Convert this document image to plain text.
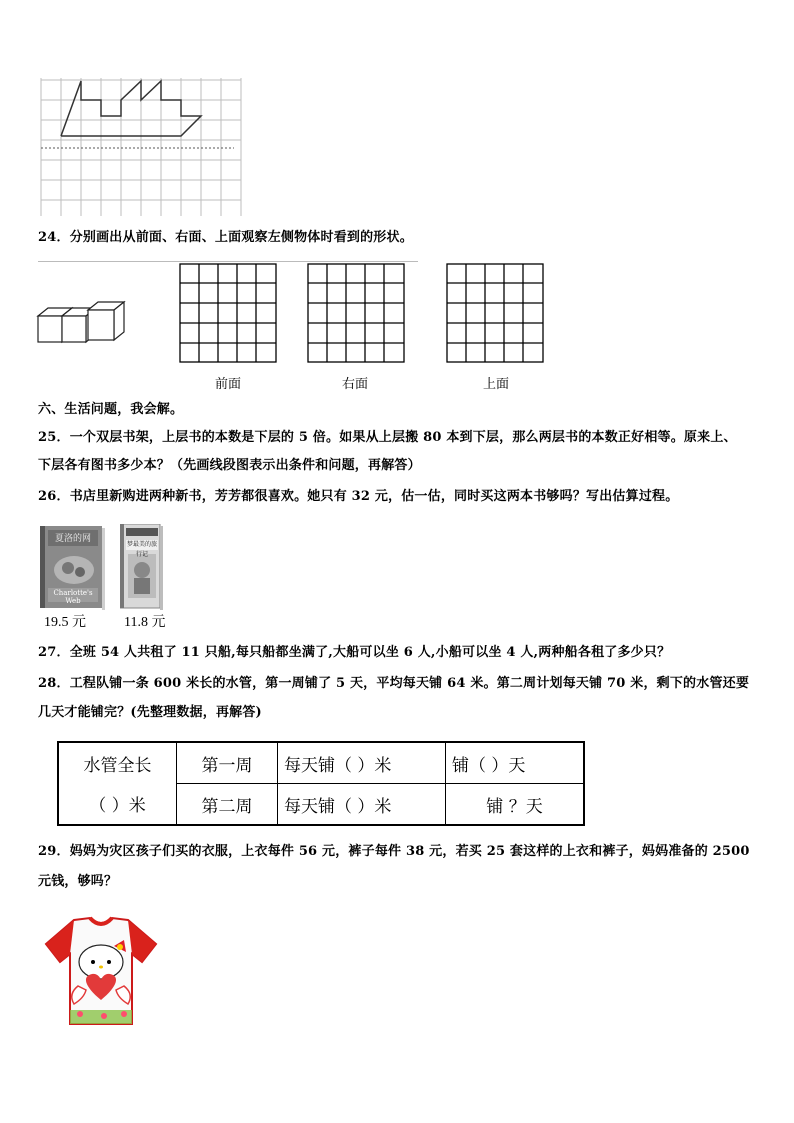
24．分别画出从前面、右面、上面观察左侧物体时看到的形状。
前面	右面	上面
六、生活问题，我会解。
25．一个双层书架，上层书的本数是下层的 5 倍。如果从上层搬 80 本到下层，那么两层书的本数正好相等。原来上、
下层各有图书多少本？（先画线段图表示出条件和问题，再解答）
26．书店里新购进两种新书，芳芳都很喜欢。她只有 32 元，估一估，同时买这两本书够吗？写出估算过程。
夏洛的网
Charlotte's Web
19.5 元
梦最美的旅行记
11.8 元
27．全班 54 人共租了 11 只船,每只船都坐满了,大船可以坐 6 人,小船可以坐 4 人,两种船各租了多少只？
28．工程队铺一条 600 米长的水管，第一周铺了 5 天，平均每天铺 64 米。第二周计划每天铺 70 米，剩下的水管还要
几天才能铺完？(先整理数据，再解答)
水管全长	第一周	每天铺（ ）米	铺（ ）天
（ ）米	第二周	每天铺（ ）米	铺 ？天
29．妈妈为灾区孩子们买的衣服，上衣每件 56 元，裤子每件 38 元，若买 25 套这样的上衣和裤子，妈妈准备的 2500
元钱，够吗？
